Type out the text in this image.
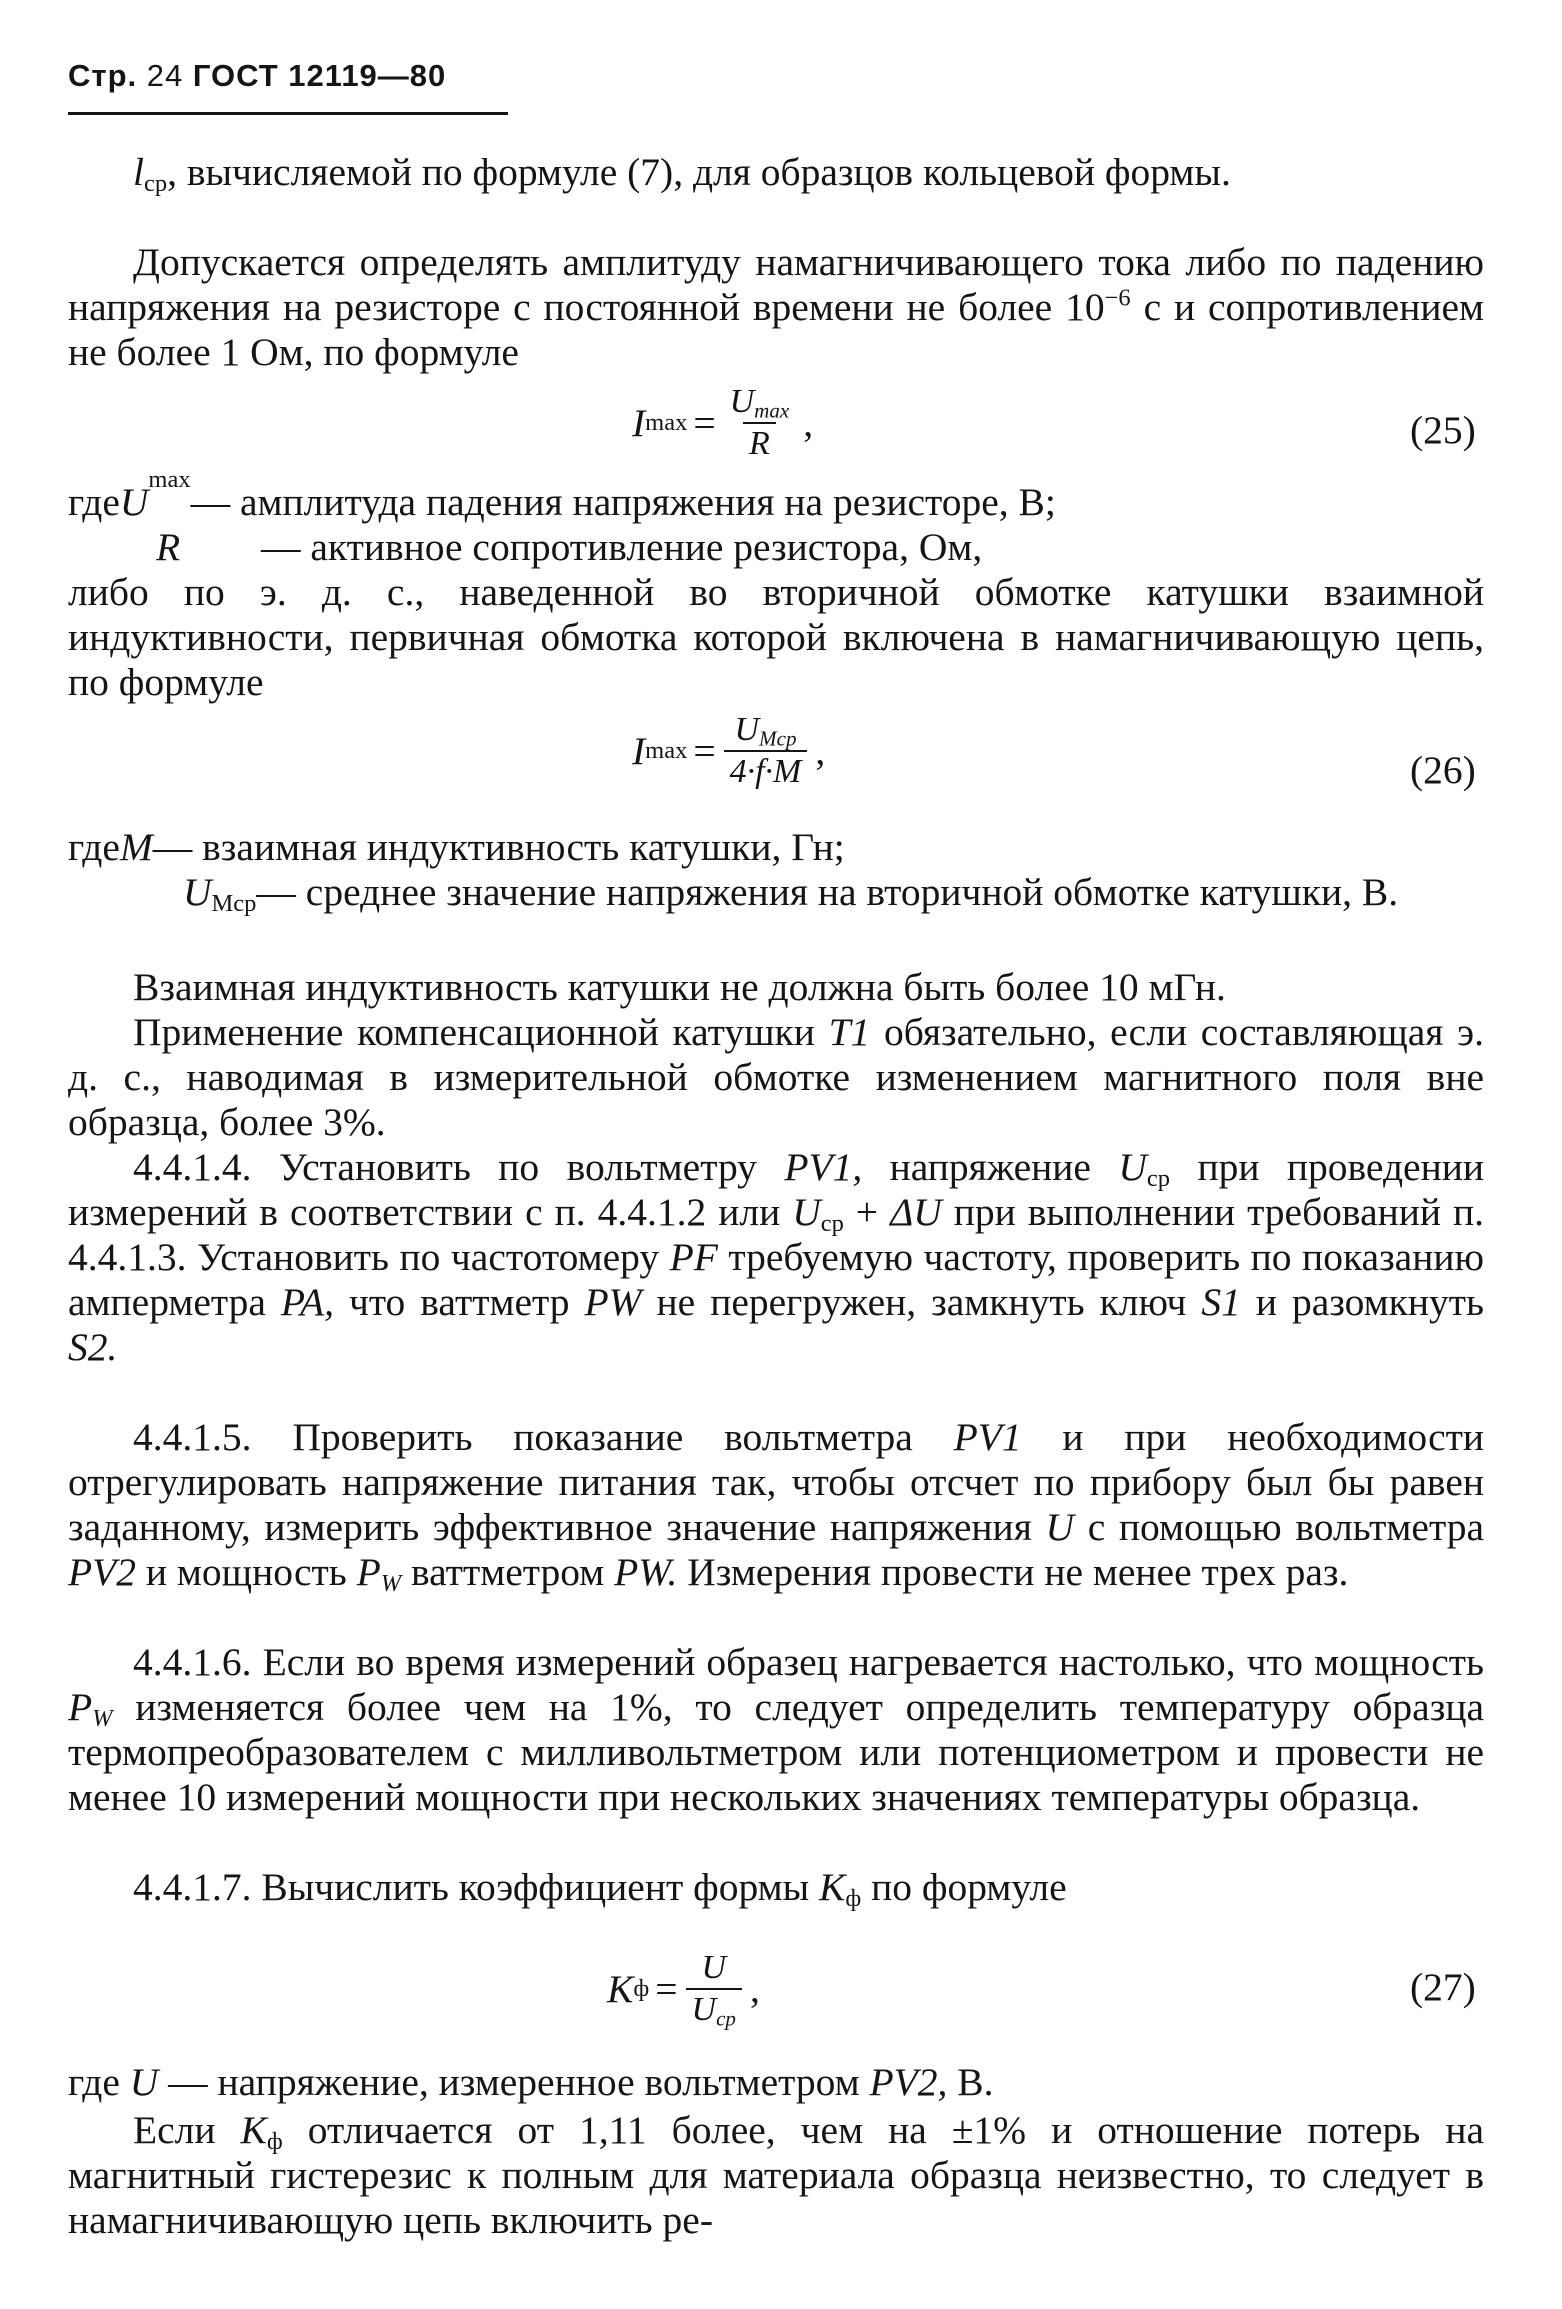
Стр. 24 ГОСТ 12119—80
$l_{ср}$, вычисляемой по формуле (7), для образцов кольцевой формы.
Допускается определять амплитуду намагничивающего тока либо по падению напряжения на резисторе с постоянной времени не более $10^{-6}$ с и сопротивлением не более 1 Ом, по формуле
I $\max = \frac{U_{max}}{R}$ ,	(25)
где U
max
— амплитуда падения напряжения на резисторе, В;
R	— активное сопротивление резистора, Ом,
либо по э. д. с., наведенной во вторичной обмотке катушки взаимной индуктивности, первичная обмотка которой включена в намагничивающую цепь, по формуле
I $\max = \frac{U_{Mcp}}{4\cdot f\cdot M}$ ,	(26)
где M — взаимная индуктивность катушки, Гн;
$U_{Mcp}—$ среднее значение напряжения на вторичной обмотке катушки, В.
Взаимная индуктивность катушки не должна быть более 10 мГн.
Применение компенсационной катушки T1 обязательно, если составляющая э. д. с., наводимая в измерительной обмотке изменением магнитного поля вне образца, более 3%.
4.4.1.4. Установить по вольтметру PV1, напряжение $U_{ср}$ при проведении измерений в соответствии с п. 4.4.1.2 или $U_{ср} + \Delta U$ при выполнении требований п. 4.4.1.3. Установить по частотомеру PF требуемую частоту, проверить по показанию амперметра PA, что ваттметр PW не перегружен, замкнуть ключ S1 и разомкнуть S2.
4.4.1.5. Проверить показание вольтметра PV1 и при необходимости отрегулировать напряжение питания так, чтобы отсчет по прибору был бы равен заданному, измерить эффективное значение напряжения U с помощью вольтметра PV2 и мощность $P_W$ ваттметром PW. Измерения провести не менее трех раз.
4.4.1.6. Если во время измерений образец нагревается настолько, что мощность $P_W$ изменяется более чем на 1%, то следует определить температуру образца термопреобразователем с милливольтметром или потенциометром и провести не менее 10 измерений мощности при нескольких значениях температуры образца.
4.4.1.7. Вычислить коэффициент формы $K_ф$ по формуле
K $ф = \frac{U}{U_{ср}}$ ,	(27)
где U — напряжение, измеренное вольтметром PV2, В.
Если $K_ф$ отличается от 1,11 более, чем на ±1% и отношение потерь на магнитный гистерезис к полным для материала образца неизвестно, то следует в намагничивающую цепь включить ре-
